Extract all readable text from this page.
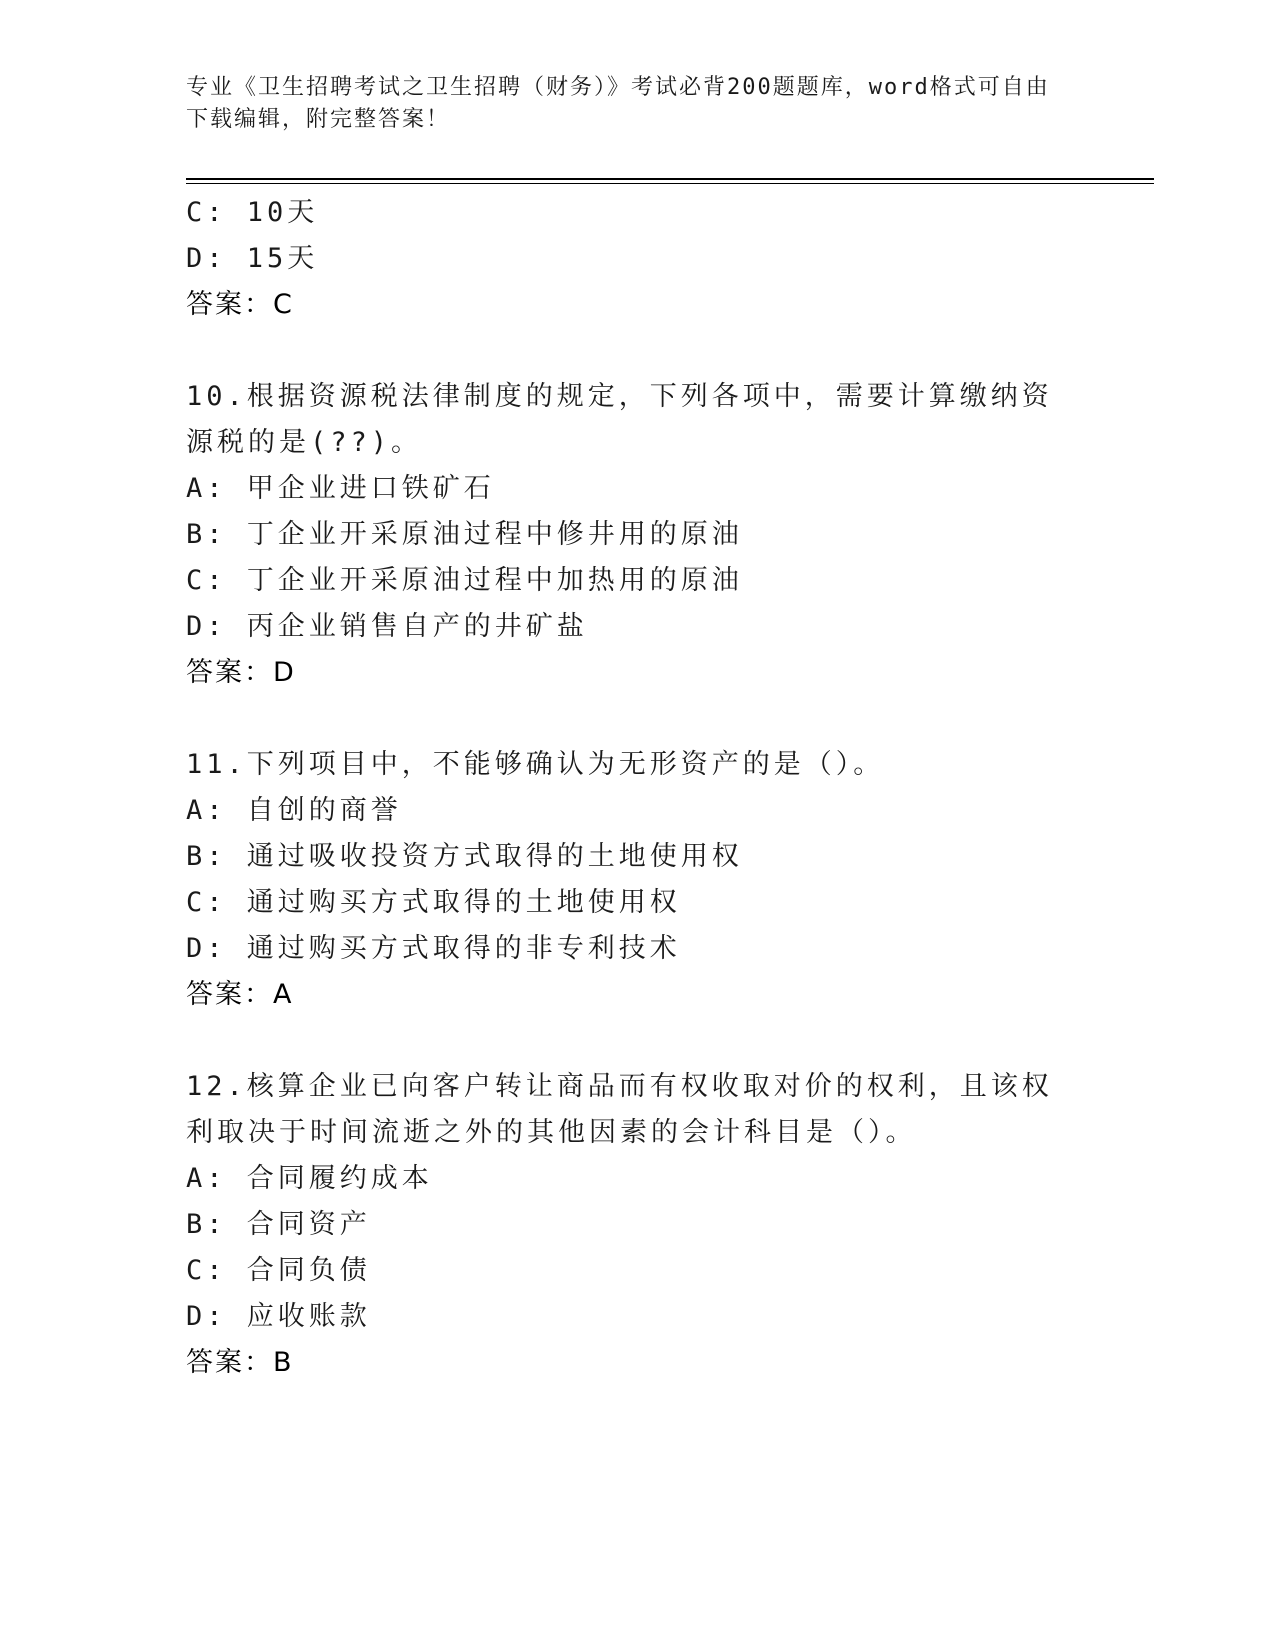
专业《卫生招聘考试之卫生招聘（财务）》考试必背200题题库，word格式可自由下载编辑，附完整答案！
C: 10天
D: 15天
答案：C
10.根据资源税法律制度的规定，下列各项中，需要计算缴纳资源税的是(??)。
A: 甲企业进口铁矿石
B: 丁企业开采原油过程中修井用的原油
C: 丁企业开采原油过程中加热用的原油
D: 丙企业销售自产的井矿盐
答案：D
11.下列项目中，不能够确认为无形资产的是（）。
A: 自创的商誉
B: 通过吸收投资方式取得的土地使用权
C: 通过购买方式取得的土地使用权
D: 通过购买方式取得的非专利技术
答案：A
12.核算企业已向客户转让商品而有权收取对价的权利，且该权利取决于时间流逝之外的其他因素的会计科目是（）。
A: 合同履约成本
B: 合同资产
C: 合同负债
D: 应收账款
答案：B
